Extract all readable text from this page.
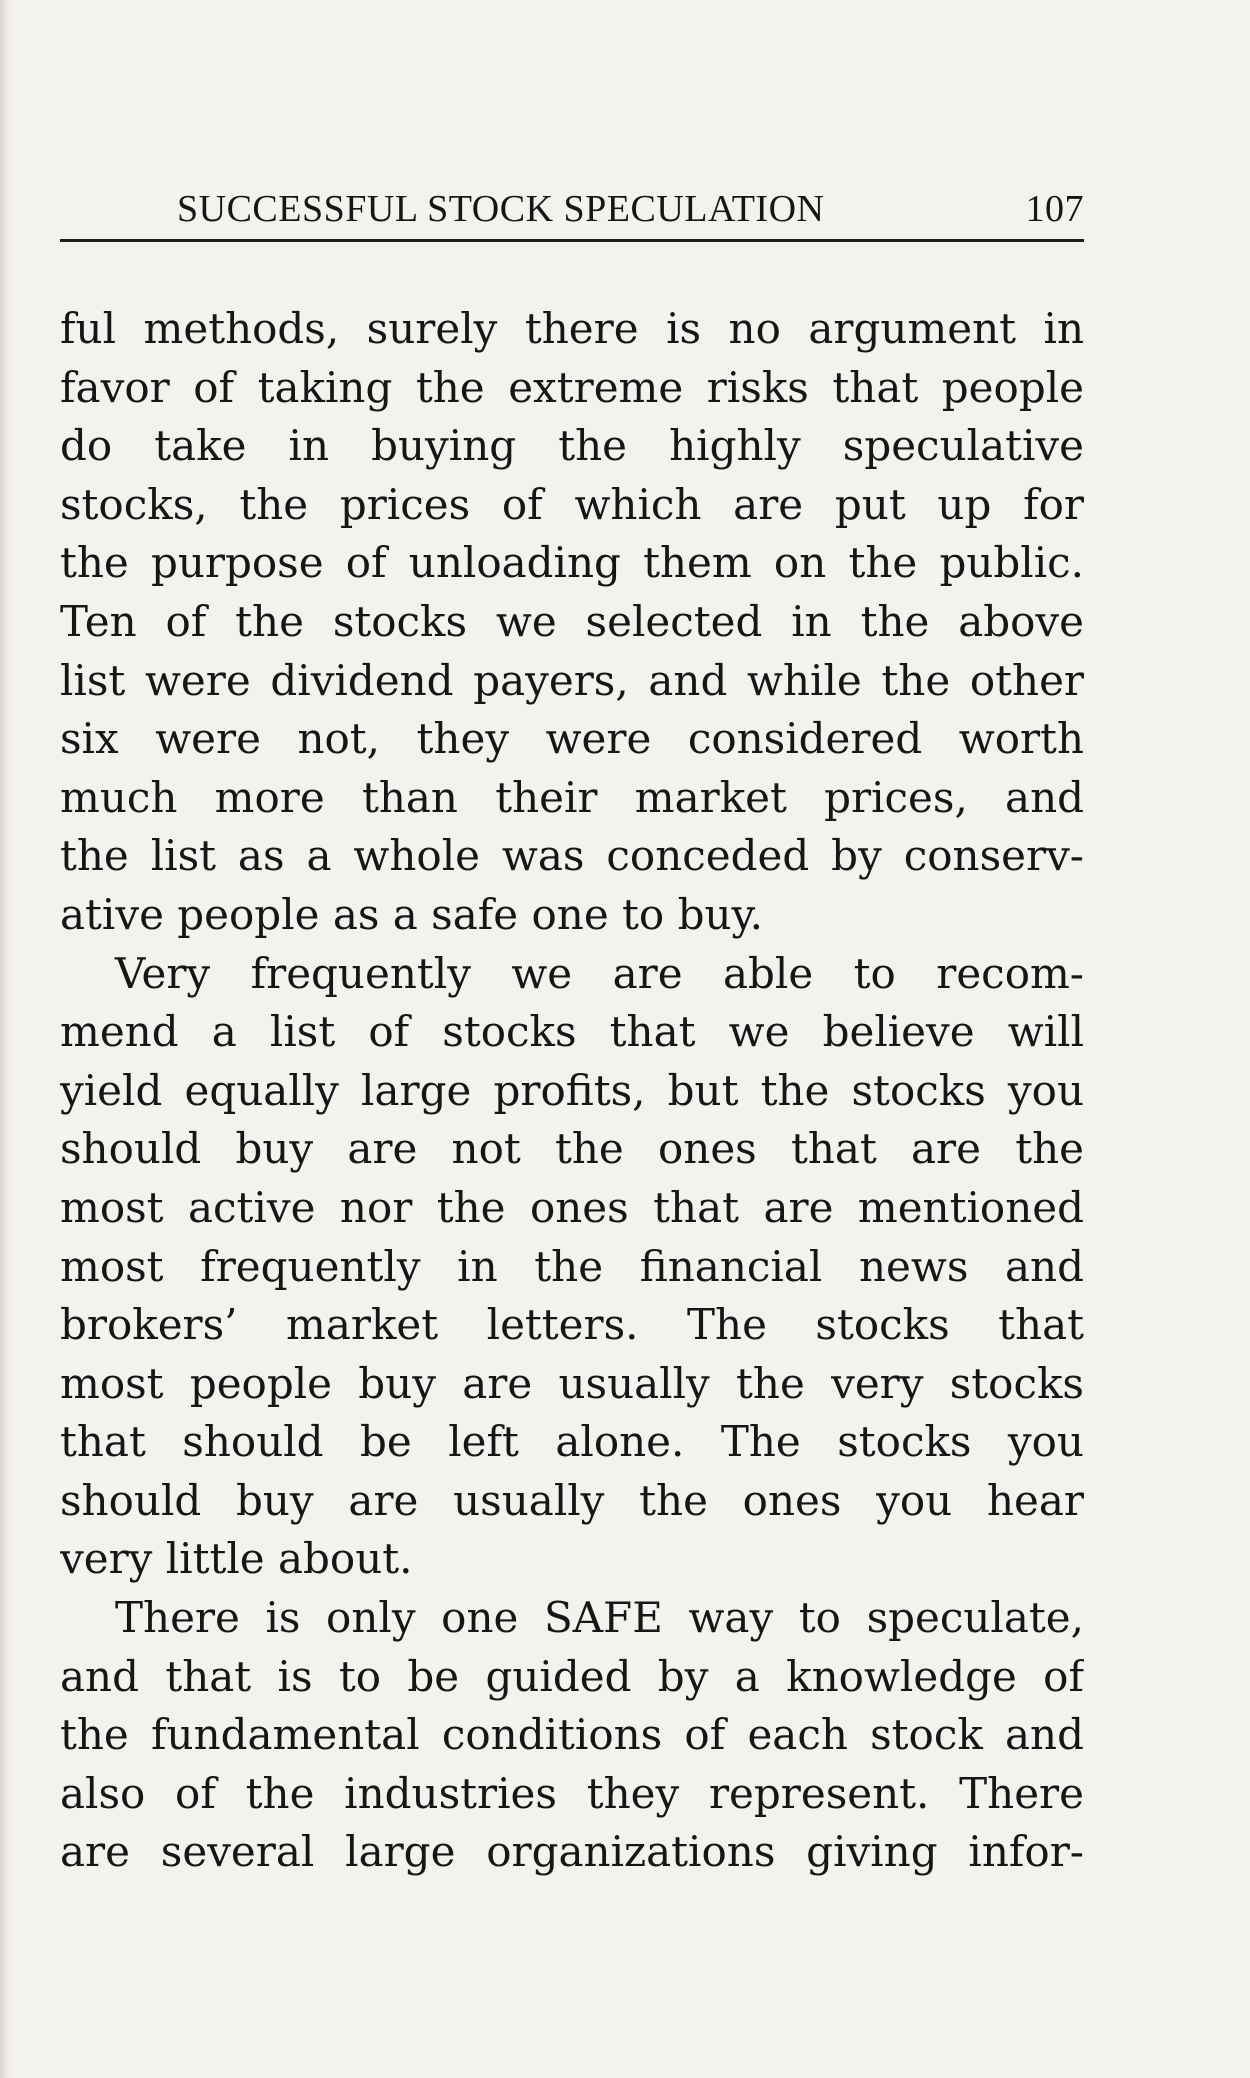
SUCCESSFUL STOCK SPECULATION	107
ful methods, surely there is no argument in
favor of taking the extreme risks that people
do take in buying the highly speculative
stocks, the prices of which are put up for
the purpose of unloading them on the public.
Ten of the stocks we selected in the above
list were dividend payers, and while the other
six were not, they were considered worth
much more than their market prices, and
the list as a whole was conceded by conserv-
ative people as a safe one to buy.
Very frequently we are able to recom-
mend a list of stocks that we believe will
yield equally large profits, but the stocks you
should buy are not the ones that are the
most active nor the ones that are mentioned
most frequently in the financial news and
brokers’ market letters. The stocks that
most people buy are usually the very stocks
that should be left alone. The stocks you
should buy are usually the ones you hear
very little about.
There is only one SAFE way to speculate,
and that is to be guided by a knowledge of
the fundamental conditions of each stock and
also of the industries they represent. There
are several large organizations giving infor-
